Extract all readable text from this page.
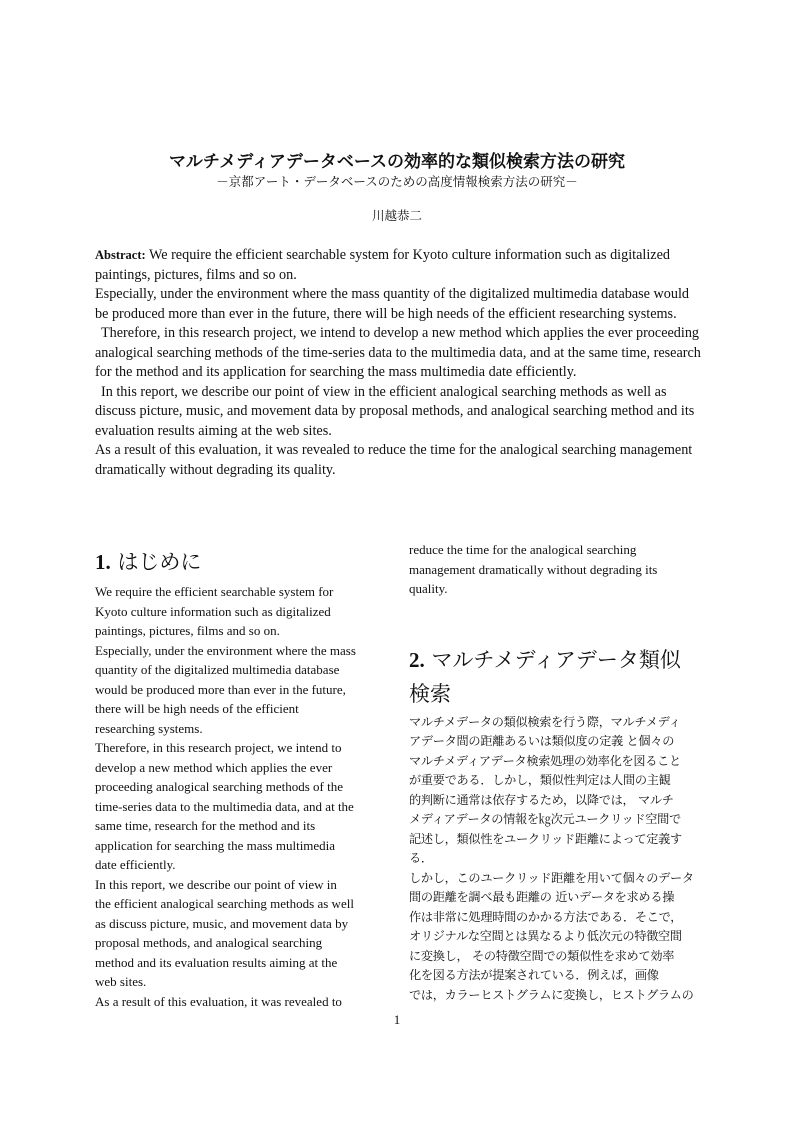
マルチメディアデータベースの効率的な類似検索方法の研究
－京都アート・データベースのための高度情報検索方法の研究－
川越恭二

Abstract: We require the efficient searchable system for Kyoto culture information such as digitalized paintings, pictures, films and so on.

Especially, under the environment where the mass quantity of the digitalized multimedia database would be produced more than ever in the future, there will be high needs of the efficient researching systems.

Therefore, in this research project, we intend to develop a new method which applies the ever proceeding analogical searching methods of the time-series data to the multimedia data, and at the same time, research for the method and its application for searching the mass multimedia date efficiently.

In this report, we describe our point of view in the efficient analogical searching methods as well as discuss picture, music, and movement data by proposal methods, and analogical searching method and its evaluation results aiming at the web sites.

As a result of this evaluation, it was revealed to reduce the time for the analogical searching management dramatically without degrading its quality.

1. はじめに

We require the efficient searchable system for

Kyoto culture information such as digitalized

paintings, pictures, films and so on.

Especially, under the environment where the mass

quantity of the digitalized multimedia database

would be produced more than ever in the future,

there will be high needs of the efficient

researching systems.

Therefore, in this research project, we intend to

develop a new method which applies the ever

proceeding analogical searching methods of the

time-series data to the multimedia data, and at the

same time, research for the method and its

application for searching the mass multimedia

date efficiently.

In this report, we describe our point of view in

the efficient analogical searching methods as well

as discuss picture, music, and movement data by

proposal methods, and analogical searching

method and its evaluation results aiming at the

web sites.

As a result of this evaluation, it was revealed to

reduce the time for the analogical searching

management dramatically without degrading its

quality.

2. マルチメディアデータ類似
検索

マルチメデータの類似検索を行う際，マルチメディ

アデータ間の距離あるいは類似度の定義 と個々の

マルチメディアデータ検索処理の効率化を図ること

が重要である．しかし，類似性判定は人間の主観

的判断に通常は依存するため，以降では， マルチ

メディアデータの情報を㎏次元ユークリッド空間で

記述し，類似性をユークリッド距離によって定義す

る．

しかし，このユークリッド距離を用いて個々のデータ

間の距離を調べ最も距離の 近いデータを求める操

作は非常に処理時間のかかる方法である．そこで，

オリジナルな空間とは異なるより低次元の特徴空間

に変換し， その特徴空間での類似性を求めて効率

化を図る方法が提案されている．例えば，画像

では，カラーヒストグラムに変換し，ヒストグラムの

1
